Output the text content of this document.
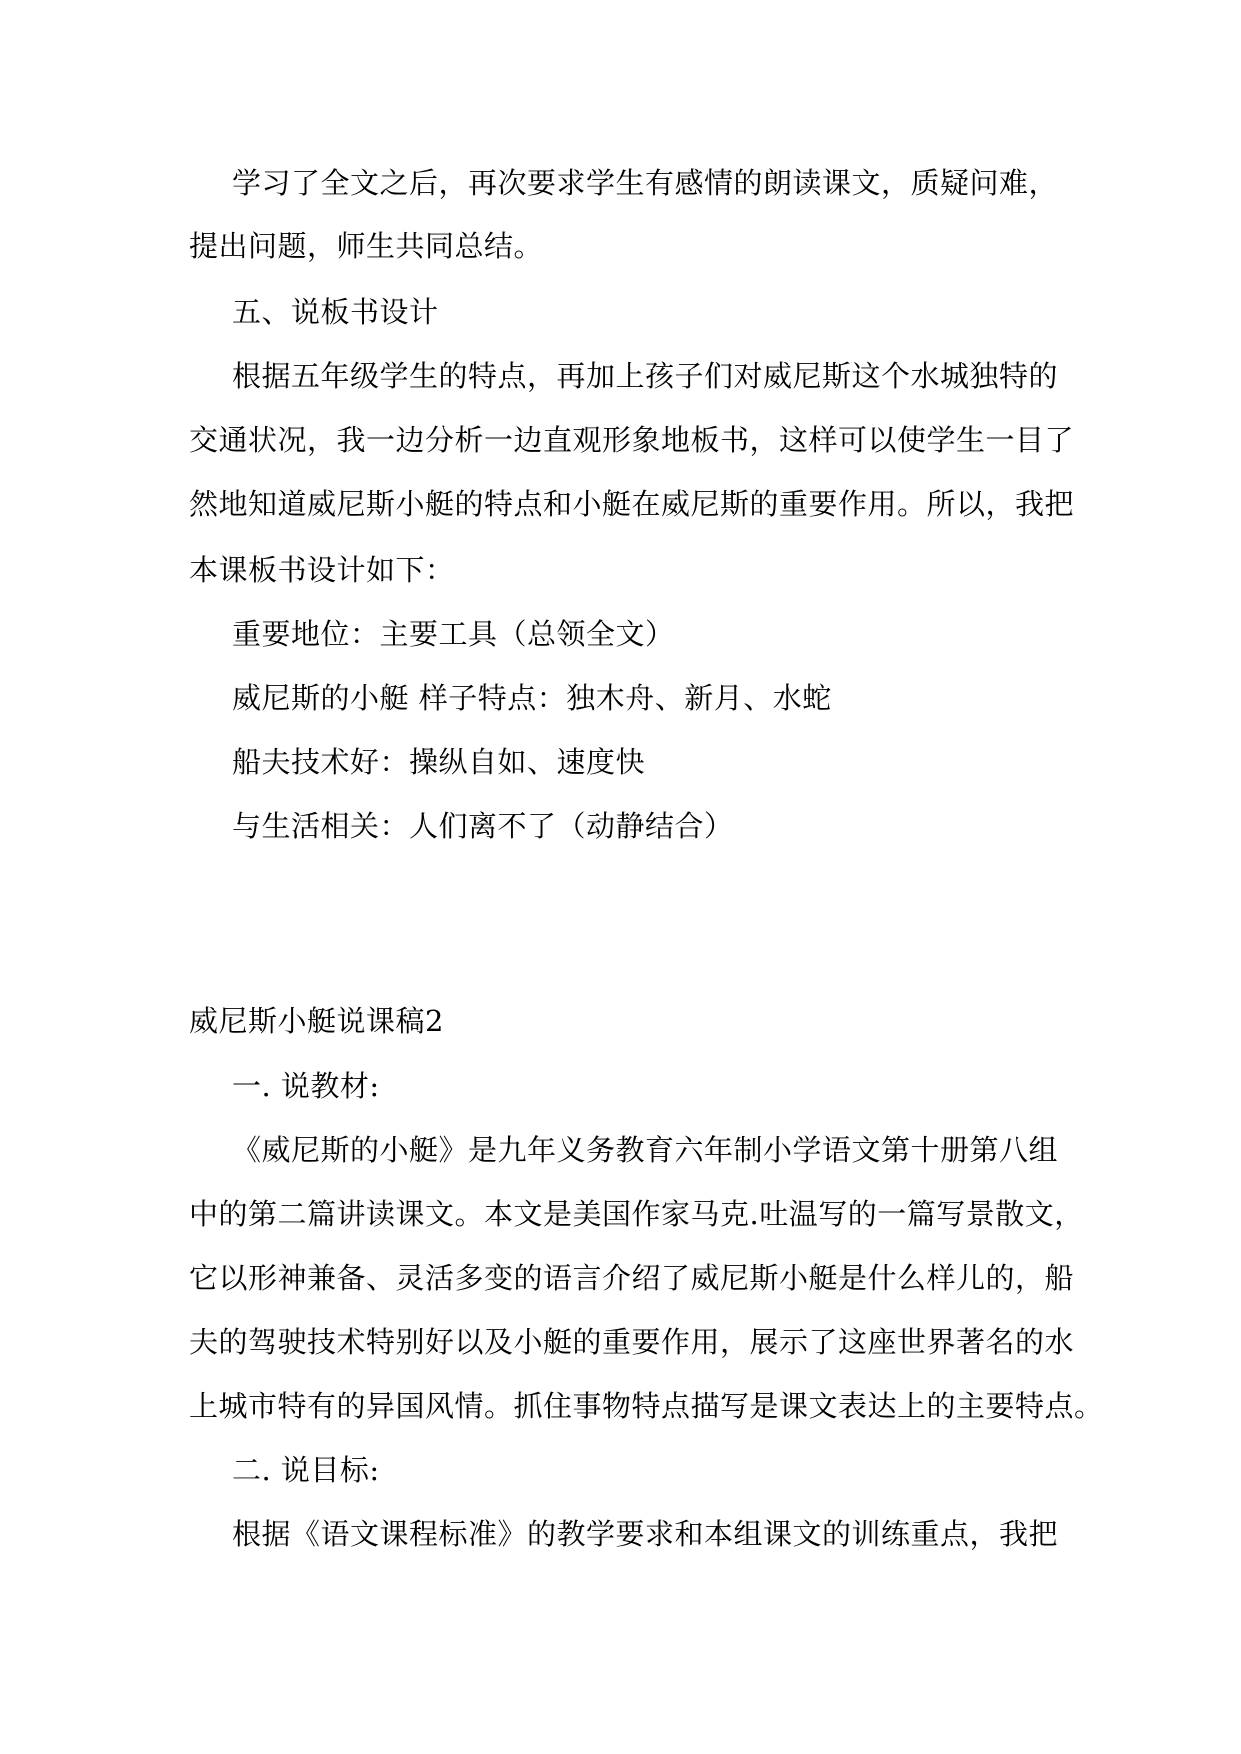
学习了全文之后，再次要求学生有感情的朗读课文，质疑问难，
提出问题，师生共同总结。
五、说板书设计
根据五年级学生的特点，再加上孩子们对威尼斯这个水城独特的
交通状况，我一边分析一边直观形象地板书，这样可以使学生一目了
然地知道威尼斯小艇的特点和小艇在威尼斯的重要作用。所以，我把
本课板书设计如下：
重要地位：主要工具（总领全文）
威尼斯的小艇 样子特点：独木舟、新月、水蛇
船夫技术好：操纵自如、速度快
与生活相关：人们离不了（动静结合）
威尼斯小艇说课稿2
一. 说教材:
《威尼斯的小艇》是九年义务教育六年制小学语文第十册第八组
中的第二篇讲读课文。本文是美国作家马克.吐温写的一篇写景散文，
它以形神兼备、灵活多变的语言介绍了威尼斯小艇是什么样儿的，船
夫的驾驶技术特别好以及小艇的重要作用，展示了这座世界著名的水
上城市特有的异国风情。抓住事物特点描写是课文表达上的主要特点。
二. 说目标:
根据《语文课程标准》的教学要求和本组课文的训练重点，我把
